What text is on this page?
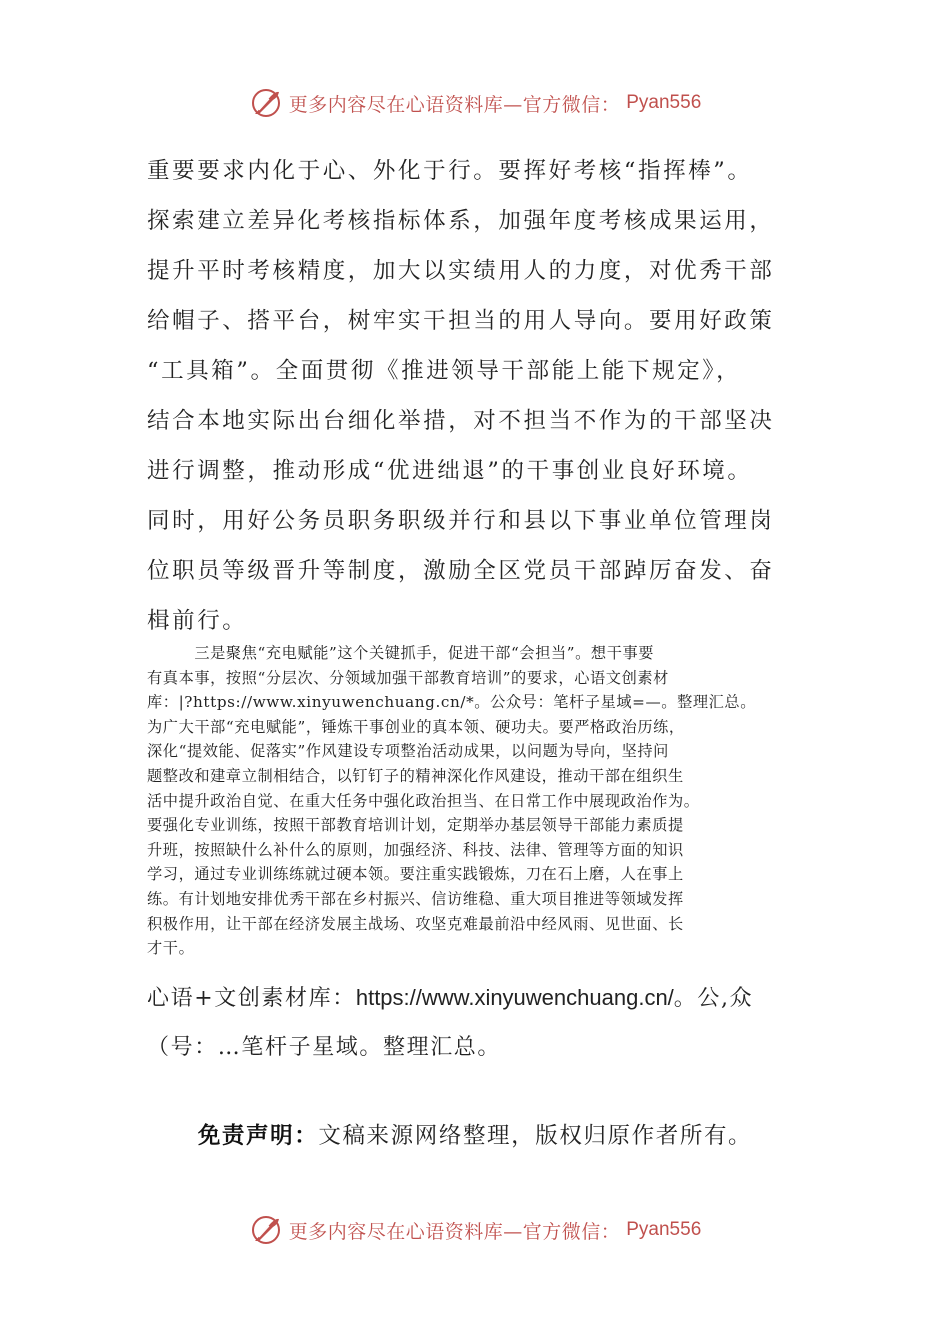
更多内容尽在心语资料库—官方微信： Pyan556
重要要求内化于心、外化于行。要挥好考核“指挥棒”。
探索建立差异化考核指标体系，加强年度考核成果运用，
提升平时考核精度，加大以实绩用人的力度，对优秀干部
给帽子、搭平台，树牢实干担当的用人导向。要用好政策
“工具箱”。全面贯彻《推进领导干部能上能下规定》，
结合本地实际出台细化举措，对不担当不作为的干部坚决
进行调整，推动形成“优进绌退”的干事创业良好环境。
同时，用好公务员职务职级并行和县以下事业单位管理岗
位职员等级晋升等制度，激励全区党员干部踔厉奋发、奋
楫前行。
　　　三是聚焦“充电赋能”这个关键抓手，促进干部“会担当”。想干事要
有真本事，按照“分层次、分领域加强干部教育培训”的要求，心语文创素材
库：|?https://www.xinyuwenchuang.cn/*。公众号：笔杆子星域=—。整理汇总。
为广大干部“充电赋能”，锤炼干事创业的真本领、硬功夫。要严格政治历练，
深化“提效能、促落实”作风建设专项整治活动成果，以问题为导向，坚持问
题整改和建章立制相结合，以钉钉子的精神深化作风建设，推动干部在组织生
活中提升政治自觉、在重大任务中强化政治担当、在日常工作中展现政治作为。
要强化专业训练，按照干部教育培训计划，定期举办基层领导干部能力素质提
升班，按照缺什么补什么的原则，加强经济、科技、法律、管理等方面的知识
学习，通过专业训练练就过硬本领。要注重实践锻炼，刀在石上磨，人在事上
练。有计划地安排优秀干部在乡村振兴、信访维稳、重大项目推进等领域发挥
积极作用，让干部在经济发展主战场、攻坚克难最前沿中经风雨、见世面、长
才干。
心语+文创素材库：https://www.xinyuwenchuang.cn/。公,众
（号：…笔杆子星域。整理汇总。
免责声明：文稿来源网络整理，版权归原作者所有。
更多内容尽在心语资料库—官方微信： Pyan556
